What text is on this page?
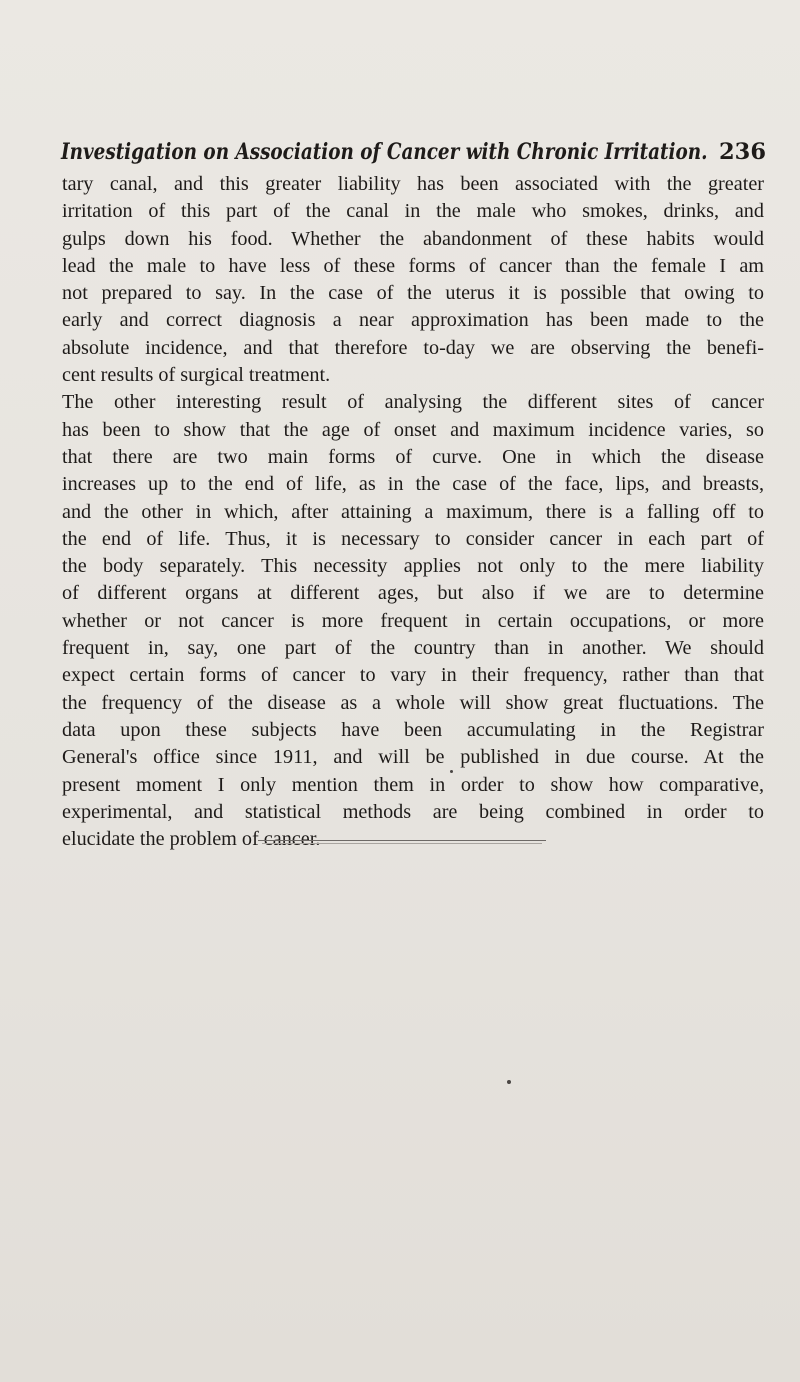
Investigation on Association of Cancer with Chronic Irritation. 236
tary canal, and this greater liability has been associated with the greater
irritation of this part of the canal in the male who smokes, drinks, and
gulps down his food. Whether the abandonment of these habits would
lead the male to have less of these forms of cancer than the female I am
not prepared to say. In the case of the uterus it is possible that owing to
early and correct diagnosis a near approximation has been made to the
absolute incidence, and that therefore to-day we are observing the benefi-
cent results of surgical treatment.
The other interesting result of analysing the different sites of cancer
has been to show that the age of onset and maximum incidence varies, so
that there are two main forms of curve. One in which the disease
increases up to the end of life, as in the case of the face, lips, and breasts,
and the other in which, after attaining a maximum, there is a falling off to
the end of life. Thus, it is necessary to consider cancer in each part of
the body separately. This necessity applies not only to the mere liability
of different organs at different ages, but also if we are to determine
whether or not cancer is more frequent in certain occupations, or more
frequent in, say, one part of the country than in another. We should
expect certain forms of cancer to vary in their frequency, rather than that
the frequency of the disease as a whole will show great fluctuations. The
data upon these subjects have been accumulating in the Registrar
General's office since 1911, and will be published in due course. At the
present moment I only mention them in order to show how comparative,
experimental, and statistical methods are being combined in order to
elucidate the problem of cancer.
